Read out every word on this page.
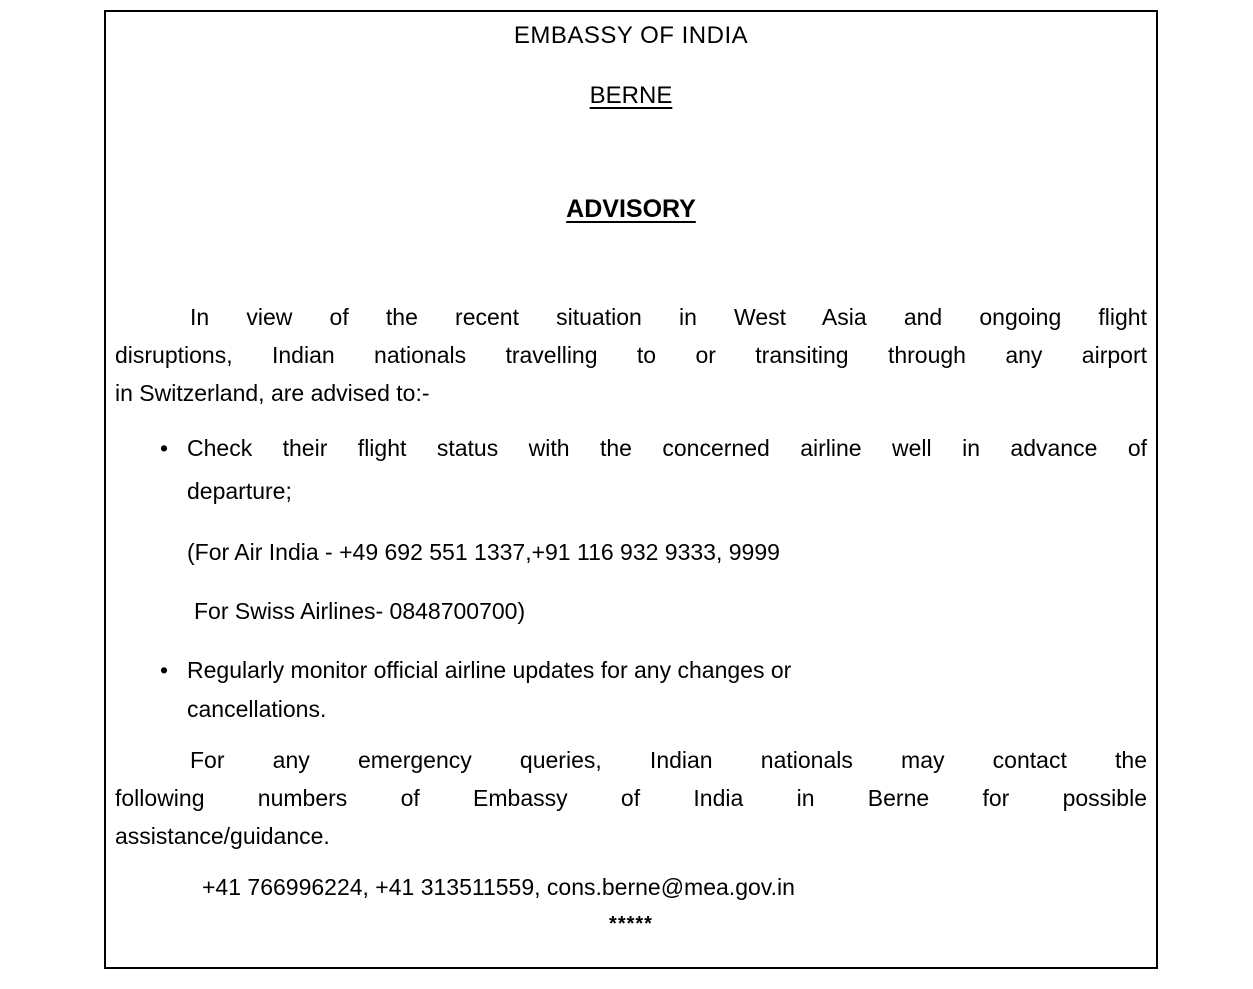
EMBASSY OF INDIA
BERNE
ADVISORY
In view of the recent situation in West Asia and ongoing flight
disruptions, Indian nationals travelling to or transiting through any airport
in Switzerland, are advised to:-
• Check their flight status with the concerned airline well in advance of
departure;
(For Air India - +49 692 551 1337,+91 116 932 9333, 9999
For Swiss Airlines- 0848700700)
• Regularly monitor official airline updates for any changes or
cancellations.
For any emergency queries, Indian nationals may contact the
following numbers of Embassy of India in Berne for possible
assistance/guidance.
+41 766996224, +41 313511559, cons.berne@mea.gov.in
*****
